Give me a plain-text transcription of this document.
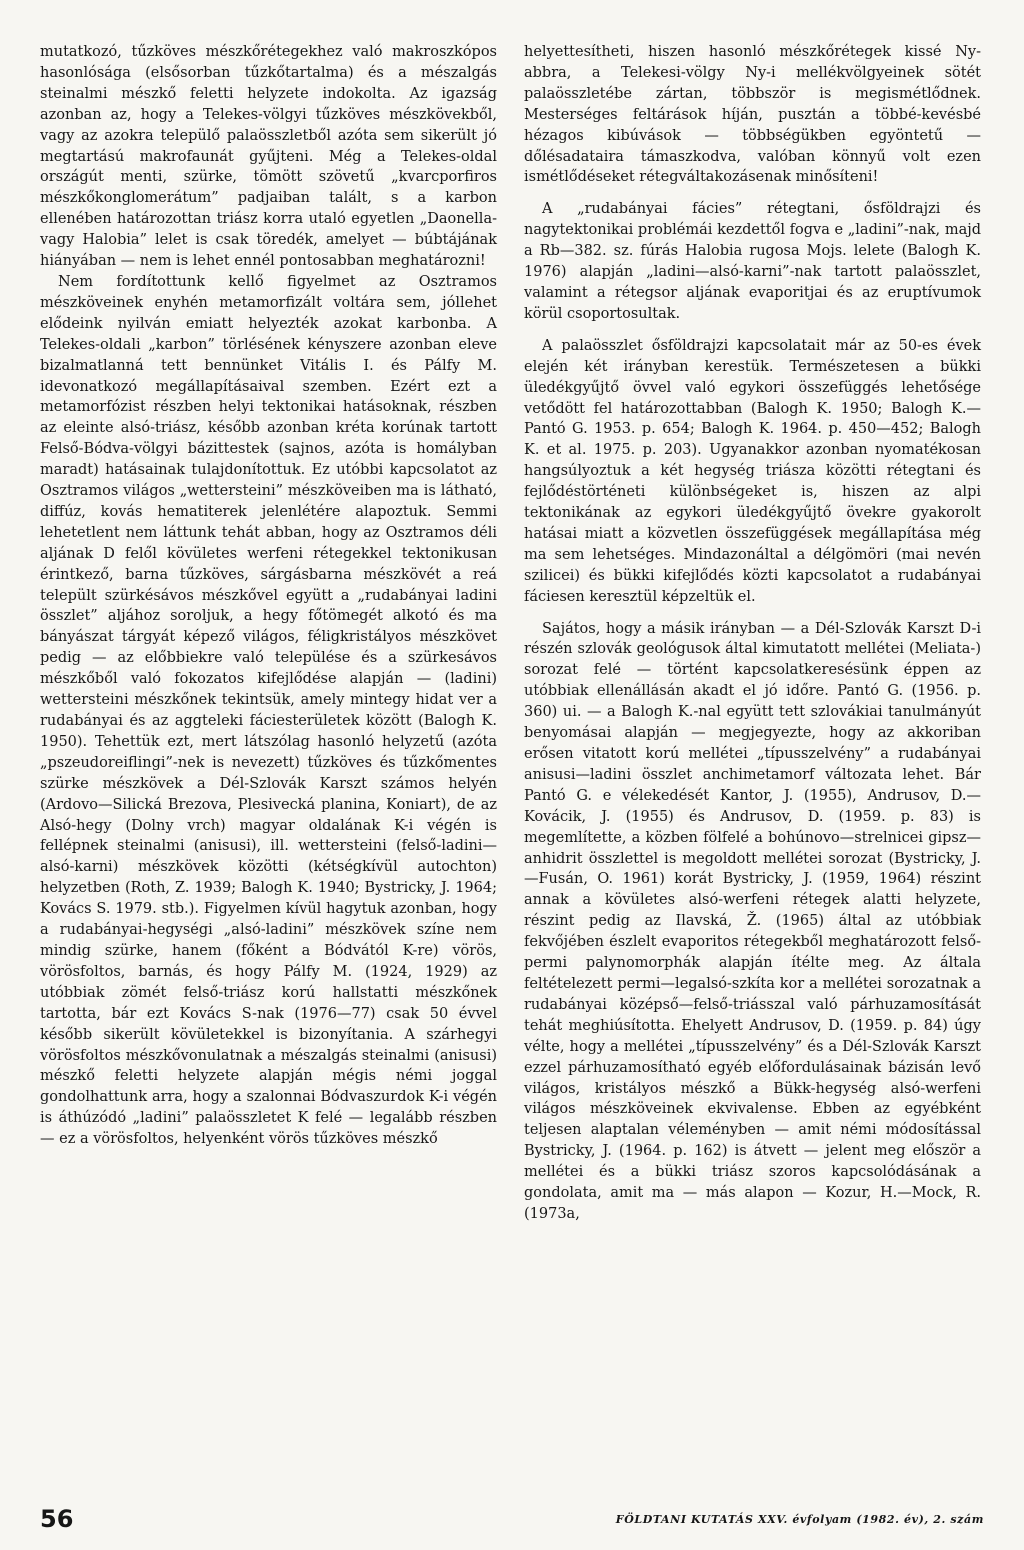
mutatkozó, tűzköves mészkőrétegekhez való makroszkópos hasonlósága (elsősorban tűzkőtartalma) és a mészalgás steinalmi mészkő feletti helyzete indokolta. Az igazság azonban az, hogy a Telekes-völgyi tűzköves mészkövekből, vagy az azokra települő palaösszletből azóta sem sikerült jó megtartású makrofaunát gyűjteni. Még a Telekes-oldal országút menti, szürke, tömött szövetű „kvarcporfiros mészkőkonglomerátum” padjaiban talált, s a karbon ellenében határozottan triász korra utaló egyetlen „Daonella- vagy Halobia” lelet is csak töredék, amelyet — búbtájának hiányában — nem is lehet ennél pontosabban meghatározni!

Nem fordítottunk kellő figyelmet az Osztramos mészköveinek enyhén metamorfizált voltára sem, jóllehet elődeink nyilván emiatt helyezték azokat karbonba. A Telekes-oldali „karbon” törlésének kényszere azonban eleve bizalmatlanná tett bennünket Vitális I. és Pálfy M. idevonatkozó megállapításaival szemben. Ezért ezt a metamorfózist részben helyi tektonikai hatásoknak, részben az eleinte alsó-triász, később azonban kréta korúnak tartott Felső-Bódva-völgyi bázittestek (sajnos, azóta is homályban maradt) hatásainak tulajdonítottuk. Ez utóbbi kapcsolatot az Osztramos világos „wettersteini” mészköveiben ma is látható, diffúz, kovás hematiterek jelenlétére alapoztuk. Semmi lehetetlent nem láttunk tehát abban, hogy az Osztramos déli aljának D felől kövületes werfeni rétegekkel tektonikusan érintkező, barna tűzköves, sárgásbarna mészkövét a reá települt szürkésávos mészkővel együtt a „rudabányai ladini összlet” aljához soroljuk, a hegy főtömegét alkotó és ma bányászat tárgyát képező világos, féligkristályos mészkövet pedig — az előbbiekre való települése és a szürkesávos mészkőből való fokozatos kifejlődése alapján — (ladini) wettersteini mészkőnek tekintsük, amely mintegy hidat ver a rudabányai és az aggteleki fáciesterületek között (Balogh K. 1950). Tehettük ezt, mert látszólag hasonló helyzetű (azóta „pszeudoreiflingi”-nek is nevezett) tűzköves és tűzkőmentes szürke mészkövek a Dél-Szlovák Karszt számos helyén (Ardovo—Silická Brezova, Plesivecká planina, Koniart), de az Alsó-hegy (Dolny vrch) magyar oldalának K-i végén is fellépnek steinalmi (anisusi), ill. wettersteini (felső-ladini—alsó-karni) mészkövek közötti (kétségkívül autochton) helyzetben (Roth, Z. 1939; Balogh K. 1940; Bystricky, J. 1964; Kovács S. 1979. stb.). Figyelmen kívül hagytuk azonban, hogy a rudabányai-hegységi „alsó-ladini” mészkövek színe nem mindig szürke, hanem (főként a Bódvától K-re) vörös, vörösfoltos, barnás, és hogy Pálfy M. (1924, 1929) az utóbbiak zömét felső-triász korú hallstatti mészkőnek tartotta, bár ezt Kovács S-nak (1976—77) csak 50 évvel később sikerült kövületekkel is bizonyítania. A szárhegyi vörösfoltos mészkővonulatnak a mészalgás steinalmi (anisusi) mészkő feletti helyzete alapján mégis némi joggal gondolhattunk arra, hogy a szalonnai Bódvaszurdok K-i végén is áthúzódó „ladini” palaösszletet K felé — legalább részben — ez a vörösfoltos, helyenként vörös tűzköves mészkő

helyettesítheti, hiszen hasonló mészkőrétegek kissé Ny-abbra, a Telekesi-völgy Ny-i mellékvölgyeinek sötét palaösszletébe zártan, többször is megismétlődnek. Mesterséges feltárások híján, pusztán a többé-kevésbé hézagos kibúvások — többségükben egyöntetű — dőlésadataira támaszkodva, valóban könnyű volt ezen ismétlődéseket rétegváltakozásenak minősíteni!

A „rudabányai fácies” rétegtani, ősföldrajzi és nagytektonikai problémái kezdettől fogva e „ladini”-nak, majd a Rb—382. sz. fúrás Halobia rugosa Mojs. lelete (Balogh K. 1976) alapján „ladini—alsó-karni”-nak tartott palaösszlet, valamint a rétegsor aljának evaporitjai és az eruptívumok körül csoportosultak.

A palaösszlet ősföldrajzi kapcsolatait már az 50-es évek elején két irányban kerestük. Természetesen a bükki üledékgyűjtő övvel való egykori összefüggés lehetősége vetődött fel határozottabban (Balogh K. 1950; Balogh K.—Pantó G. 1953. p. 654; Balogh K. 1964. p. 450—452; Balogh K. et al. 1975. p. 203). Ugyanakkor azonban nyomatékosan hangsúlyoztuk a két hegység triásza közötti rétegtani és fejlődéstörténeti különbségeket is, hiszen az alpi tektonikának az egykori üledékgyűjtő övekre gyakorolt hatásai miatt a közvetlen összefüggések megállapítása még ma sem lehetséges. Mindazonáltal a délgömöri (mai nevén szilicei) és bükki kifejlődés közti kapcsolatot a rudabányai fáciesen keresztül képzeltük el.

Sajátos, hogy a másik irányban — a Dél-Szlovák Karszt D-i részén szlovák geológusok által kimutatott mellétei (Meliata-) sorozat felé — történt kapcsolatkeresésünk éppen az utóbbiak ellenállásán akadt el jó időre. Pantó G. (1956. p. 360) ui. — a Balogh K.-nal együtt tett szlovákiai tanulmányút benyomásai alapján — megjegyezte, hogy az akkoriban erősen vitatott korú mellétei „típusszelvény” a rudabányai anisusi—ladini összlet anchimetamorf változata lehet. Bár Pantó G. e vélekedését Kantor, J. (1955), Andrusov, D.—Kovácik, J. (1955) és Andrusov, D. (1959. p. 83) is megemlítette, a közben fölfelé a bohúnovo—strelnicei gipsz—anhidrit összlettel is megoldott mellétei sorozat (Bystricky, J.—Fusán, O. 1961) korát Bystricky, J. (1959, 1964) részint annak a kövületes alsó-werfeni rétegek alatti helyzete, részint pedig az Ilavská, Ž. (1965) által az utóbbiak fekvőjében észlelt evaporitos rétegekből meghatározott felső-permi palynomorphák alapján ítélte meg. Az általa feltételezett permi—legalsó-szkíta kor a mellétei sorozatnak a rudabányai középső—felső-triásszal való párhuzamosítását tehát meghiúsította. Ehelyett Andrusov, D. (1959. p. 84) úgy vélte, hogy a mellétei „típusszelvény” és a Dél-Szlovák Karszt ezzel párhuzamosítható egyéb előfordulásainak bázisán levő világos, kristályos mészkő a Bükk-hegység alsó-werfeni világos mészköveinek ekvivalense. Ebben az egyébként teljesen alaptalan véleményben — amit némi módosítással Bystricky, J. (1964. p. 162) is átvett — jelent meg először a mellétei és a bükki triász szoros kapcsolódásának a gondolata, amit ma — más alapon — Kozur, H.—Mock, R. (1973a,

56	FÖLDTANI KUTATÁS XXV. évfolyam (1982. év), 2. szám
